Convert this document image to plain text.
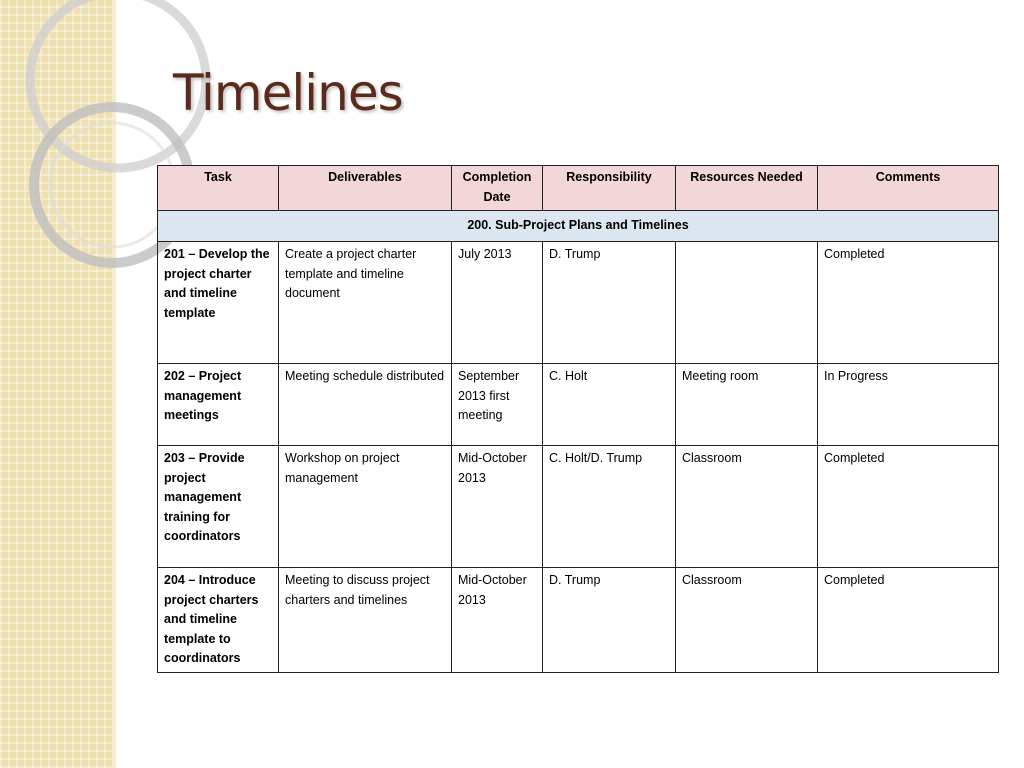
Timelines
Task	Deliverables	Completion Date	Responsibility	Resources Needed	Comments
200. Sub-Project Plans and Timelines					
201 – Develop the project charter and timeline template	Create a project charter template and timeline document	July 2013	D. Trump		Completed
202 – Project management meetings	Meeting schedule distributed	September 2013 first meeting	C. Holt	Meeting room	In Progress
203 – Provide project management training for coordinators	Workshop on project management	Mid-October 2013	C. Holt/D. Trump	Classroom	Completed
204 – Introduce project charters and timeline template to coordinators	Meeting to discuss project charters and timelines	Mid-October 2013	D. Trump	Classroom	Completed
